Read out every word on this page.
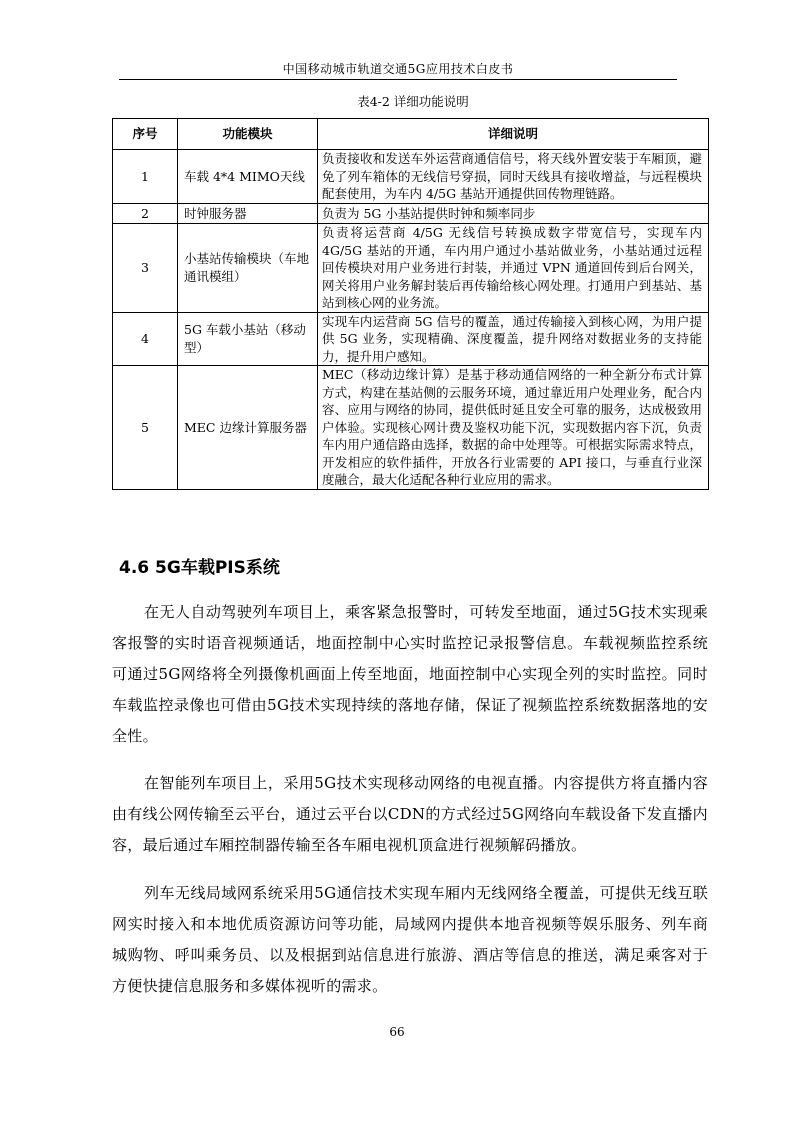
中国移动城市轨道交通5G应用技术白皮书
表4-2 详细功能说明
序号	功能模块	详细说明
1	车载 4*4 MIMO天线	负责接收和发送车外运营商通信信号，将天线外置安装于车厢顶，避免了列车箱体的无线信号穿损，同时天线具有接收增益，与远程模块配套使用，为车内 4/5G 基站开通提供回传物理链路。
2	时钟服务器	负责为 5G 小基站提供时钟和频率同步
3	小基站传输模块（车地通讯模组）	负责将运营商 4/5G 无线信号转换成数字带宽信号，实现车内 4G/5G 基站的开通，车内用户通过小基站做业务，小基站通过远程回传模块对用户业务进行封装，并通过 VPN 通道回传到后台网关，网关将用户业务解封装后再传输给核心网处理。打通用户到基站、基站到核心网的业务流。
4	5G 车载小基站（移动型）	实现车内运营商 5G 信号的覆盖，通过传输接入到核心网，为用户提供 5G 业务，实现精确、深度覆盖，提升网络对数据业务的支持能力，提升用户感知。
5	MEC 边缘计算服务器	MEC（移动边缘计算）是基于移动通信网络的一种全新分布式计算方式，构建在基站侧的云服务环境，通过靠近用户处理业务，配合内容、应用与网络的协同，提供低时延且安全可靠的服务，达成极致用户体验。实现核心网计费及鉴权功能下沉，实现数据内容下沉，负责车内用户通信路由选择，数据的命中处理等。可根据实际需求特点，开发相应的软件插件，开放各行业需要的 API 接口，与垂直行业深度融合，最大化适配各种行业应用的需求。
4.6 5G车载PIS系统

在无人自动驾驶列车项目上，乘客紧急报警时，可转发至地面，通过5G技术实现乘客报警的实时语音视频通话，地面控制中心实时监控记录报警信息。车载视频监控系统可通过5G网络将全列摄像机画面上传至地面，地面控制中心实现全列的实时监控。同时车载监控录像也可借由5G技术实现持续的落地存储，保证了视频监控系统数据落地的安全性。

在智能列车项目上，采用5G技术实现移动网络的电视直播。内容提供方将直播内容由有线公网传输至云平台，通过云平台以CDN的方式经过5G网络向车载设备下发直播内容，最后通过车厢控制器传输至各车厢电视机顶盒进行视频解码播放。

列车无线局域网系统采用5G通信技术实现车厢内无线网络全覆盖，可提供无线互联网实时接入和本地优质资源访问等功能，局域网内提供本地音视频等娱乐服务、列车商城购物、呼叫乘务员、以及根据到站信息进行旅游、酒店等信息的推送，满足乘客对于方便快捷信息服务和多媒体视听的需求。

66
